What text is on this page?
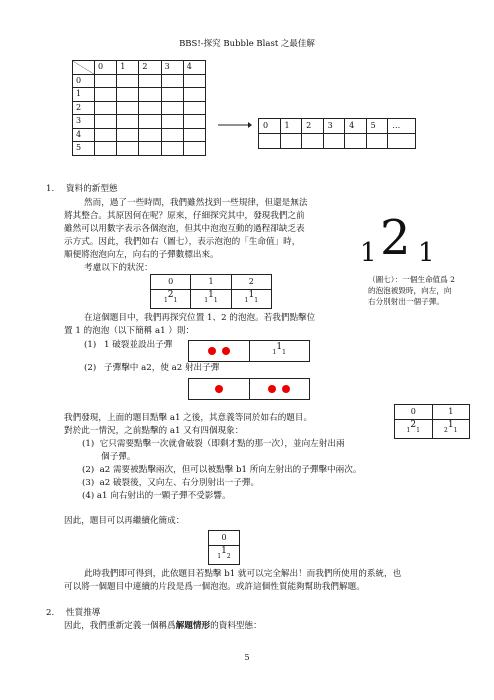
BBS!-探究 Bubble Blast 之最佳解
	0	1	2	3	4
0					
1					
2					
3					
4					
5					
0	1	2	3	4	5	…

1. 資料的新型態
然而，過了一些時間，我們雖然找到一些規律，但還是無法
將其整合。其原因何在呢？原來，仔細探究其中，發現我們之前
雖然可以用數字表示各個泡泡，但其中泡泡互動的過程卻缺乏表
示方式。因此，我們如右（圖七），表示泡泡的「生命值」時，
順便將泡泡向左，向右的子彈數標出來。
考慮以下的狀況：	1 2 1
（圖七）：一個生命值爲 2
的泡泡被毀時，向左，向
右分別射出一個子彈。
0	1	2

1 2 1	1 1 1	1 1 1
在這個題目中，我們再探究位置 1、2 的泡泡。若我們點擊位
置 1 的泡泡（以下簡稱 a1 ）則：
(1) 1 破裂並設出子彈

1 1 1
(2) 子彈擊中 a2，使 a2 射出子彈

我們發現，上面的題目點擊 a1 之後，其意義等同於如右的題目。
對於此一情況，之前點擊的 a1 又有四個現象：
0	1

1 2 1	2 1 1
(1)  它只需要點擊一次就會破裂（即剩才點的那一次），並向左射出兩
個子彈。
(2)  a2 需要被點擊兩次，但可以被點擊 b1 所向左射出的子彈擊中兩次。
(3)  a2 破裂後，又向左、右分別射出一子彈。
(4) a1 向右射出的一顆子彈不受影響。
因此，題目可以再繼續化簡成：
0

1 1 2
此時我們即可得到，此依題目若點擊 b1 就可以完全解出！而我們所使用的系統，也
可以將一個題目中連續的片段是爲一個泡泡。或許這個性質能夠幫助我們解題。
2. 性質推導
因此，我們重新定義一個稱爲解題情形的資料型態：
5
